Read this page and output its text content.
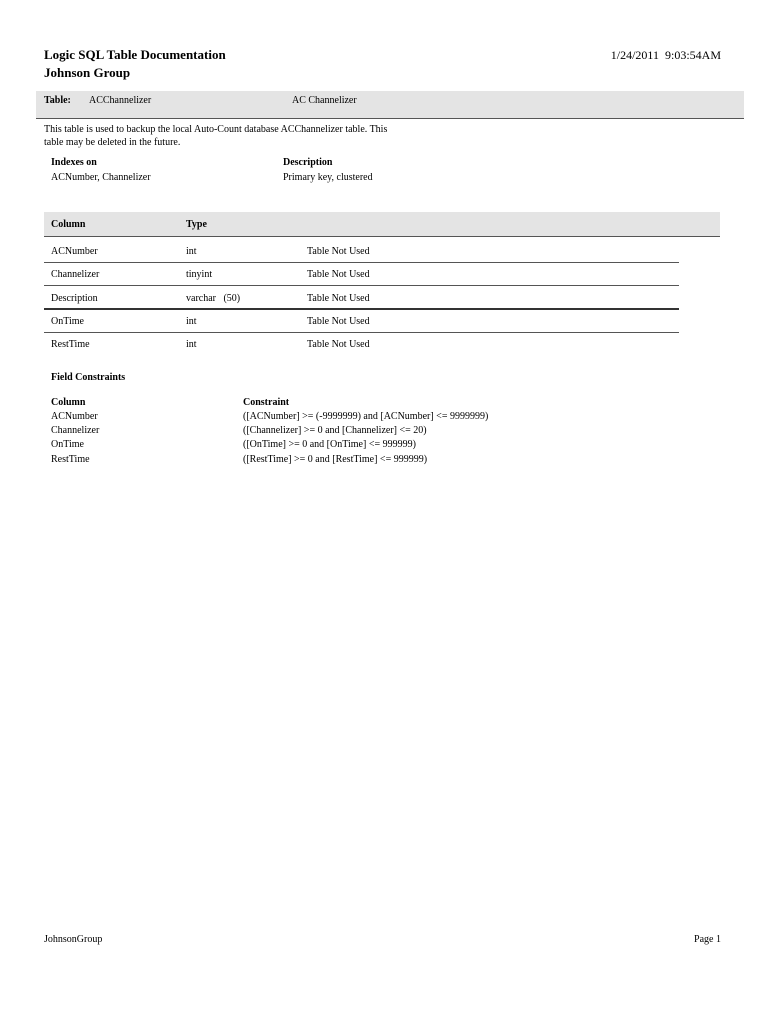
Logic SQL Table Documentation
Johnson Group
1/24/2011 9:03:54AM
Table: ACChannelizer	AC Channelizer
This table is used to backup the local Auto-Count database ACChannelizer table. This table may be deleted in the future.
Indexes on	Description
ACNumber, Channelizer	Primary key, clustered
Column	Type
ACNumber	int	Table Not Used
Channelizer	tinyint	Table Not Used
Description	varchar   (50)	Table Not Used
OnTime	int	Table Not Used
RestTime	int	Table Not Used
Field Constraints
Column	Constraint
ACNumber	([ACNumber] >= (-9999999) and [ACNumber] <= 9999999)
Channelizer	([Channelizer] >= 0 and [Channelizer] <= 20)
OnTime	([OnTime] >= 0 and [OnTime] <= 999999)
RestTime	([RestTime] >= 0 and [RestTime] <= 999999)
JohnsonGroup	Page 1
